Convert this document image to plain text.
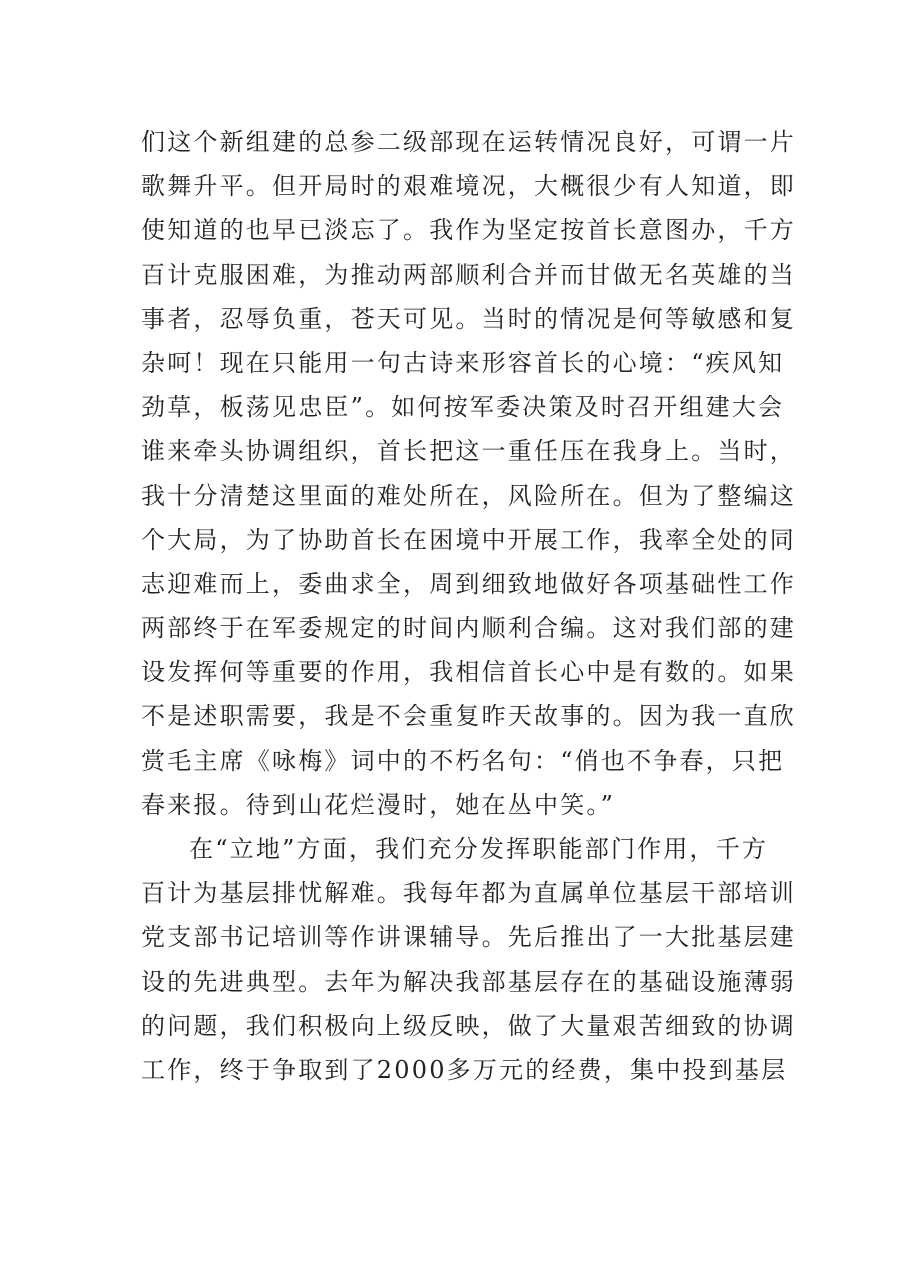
们这个新组建的总参二级部现在运转情况良好，可谓一片
歌舞升平。但开局时的艰难境况，大概很少有人知道，即
使知道的也早已淡忘了。我作为坚定按首长意图办，千方
百计克服困难，为推动两部顺利合并而甘做无名英雄的当
事者，忍辱负重，苍天可见。当时的情况是何等敏感和复
杂呵！现在只能用一句古诗来形容首长的心境：“疾风知
劲草，板荡见忠臣”。如何按军委决策及时召开组建大会
谁来牵头协调组织，首长把这一重任压在我身上。当时，
我十分清楚这里面的难处所在，风险所在。但为了整编这
个大局，为了协助首长在困境中开展工作，我率全处的同
志迎难而上，委曲求全，周到细致地做好各项基础性工作
两部终于在军委规定的时间内顺利合编。这对我们部的建
设发挥何等重要的作用，我相信首长心中是有数的。如果
不是述职需要，我是不会重复昨天故事的。因为我一直欣
赏毛主席《咏梅》词中的不朽名句：“俏也不争春，只把
春来报。待到山花烂漫时，她在丛中笑。”
在“立地”方面，我们充分发挥职能部门作用，千方
百计为基层排忧解难。我每年都为直属单位基层干部培训
党支部书记培训等作讲课辅导。先后推出了一大批基层建
设的先进典型。去年为解决我部基层存在的基础设施薄弱
的问题，我们积极向上级反映，做了大量艰苦细致的协调
工作，终于争取到了2000多万元的经费，集中投到基层
